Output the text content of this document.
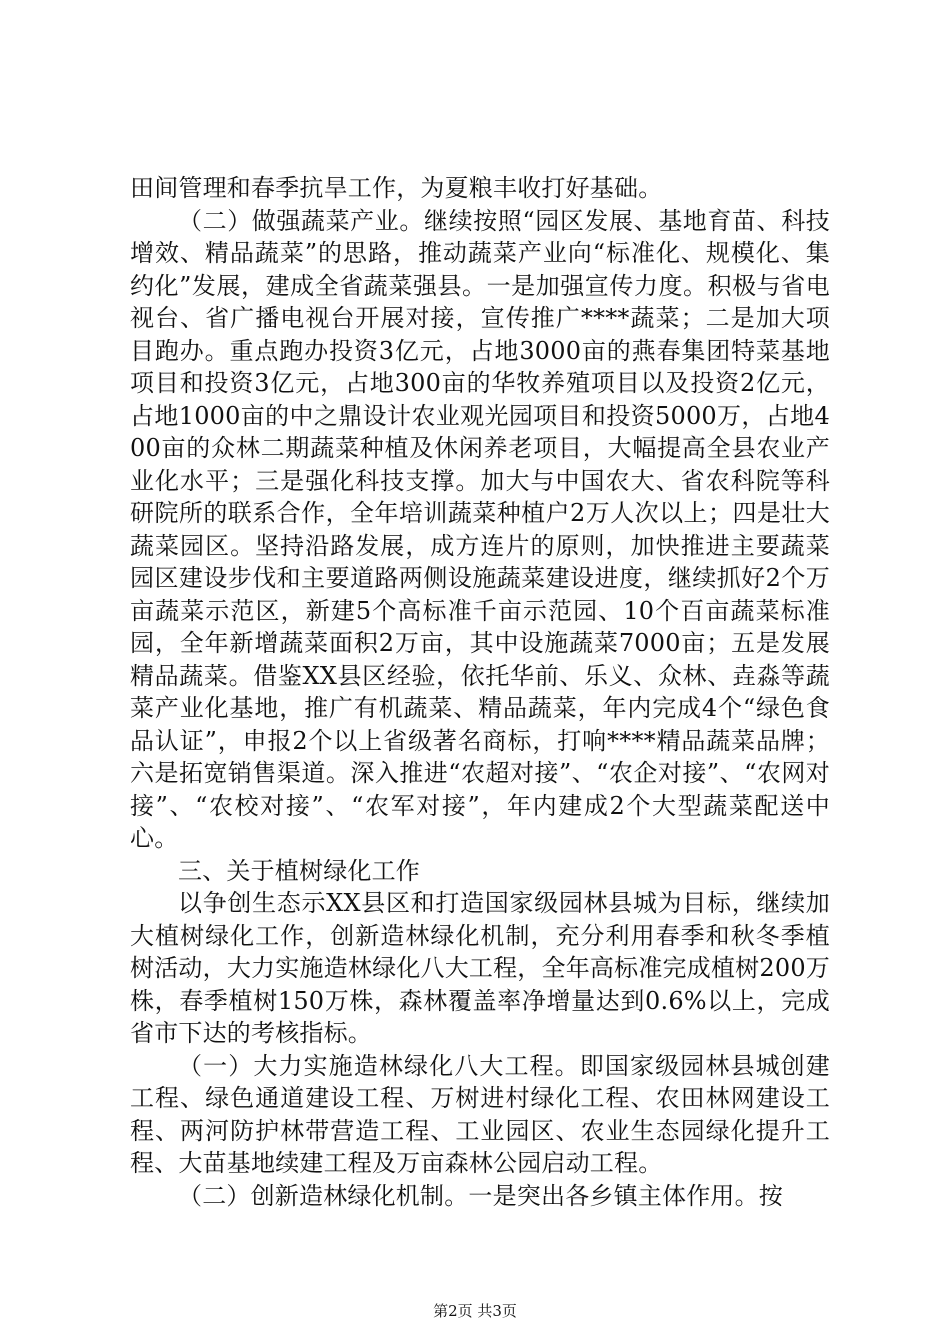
田间管理和春季抗旱工作，为夏粮丰收打好基础。

（二）做强蔬菜产业。继续按照“园区发展、基地育苗、科技增效、精品蔬菜”的思路，推动蔬菜产业向“标准化、规模化、集约化”发展，建成全省蔬菜强县。一是加强宣传力度。积极与省电视台、省广播电视台开展对接，宣传推广****蔬菜；二是加大项目跑办。重点跑办投资3亿元，占地3000亩的燕春集团特菜基地项目和投资3亿元，占地300亩的华牧养殖项目以及投资2亿元，占地1000亩的中之鼎设计农业观光园项目和投资5000万，占地400亩的众林二期蔬菜种植及休闲养老项目，大幅提高全县农业产业化水平；三是强化科技支撑。加大与中国农大、省农科院等科研院所的联系合作，全年培训蔬菜种植户2万人次以上；四是壮大蔬菜园区。坚持沿路发展，成方连片的原则，加快推进主要蔬菜园区建设步伐和主要道路两侧设施蔬菜建设进度，继续抓好2个万亩蔬菜示范区，新建5个高标准千亩示范园、10个百亩蔬菜标准园，全年新增蔬菜面积2万亩，其中设施蔬菜7000亩；五是发展精品蔬菜。借鉴XX县区经验，依托华前、乐义、众林、垚淼等蔬菜产业化基地，推广有机蔬菜、精品蔬菜，年内完成4个“绿色食品认证”，申报2个以上省级著名商标，打响****精品蔬菜品牌；六是拓宽销售渠道。深入推进“农超对接”、“农企对接”、“农网对接”、“农校对接”、“农军对接”，年内建成2个大型蔬菜配送中心。

三、关于植树绿化工作

以争创生态示XX县区和打造国家级园林县城为目标，继续加大植树绿化工作，创新造林绿化机制，充分利用春季和秋冬季植树活动，大力实施造林绿化八大工程，全年高标准完成植树200万株，春季植树150万株，森林覆盖率净增量达到0.6%以上，完成省市下达的考核指标。

（一）大力实施造林绿化八大工程。即国家级园林县城创建工程、绿色通道建设工程、万树进村绿化工程、农田林网建设工程、两河防护林带营造工程、工业园区、农业生态园绿化提升工程、大苗基地续建工程及万亩森林公园启动工程。

（二）创新造林绿化机制。一是突出各乡镇主体作用。按

第2页 共3页
